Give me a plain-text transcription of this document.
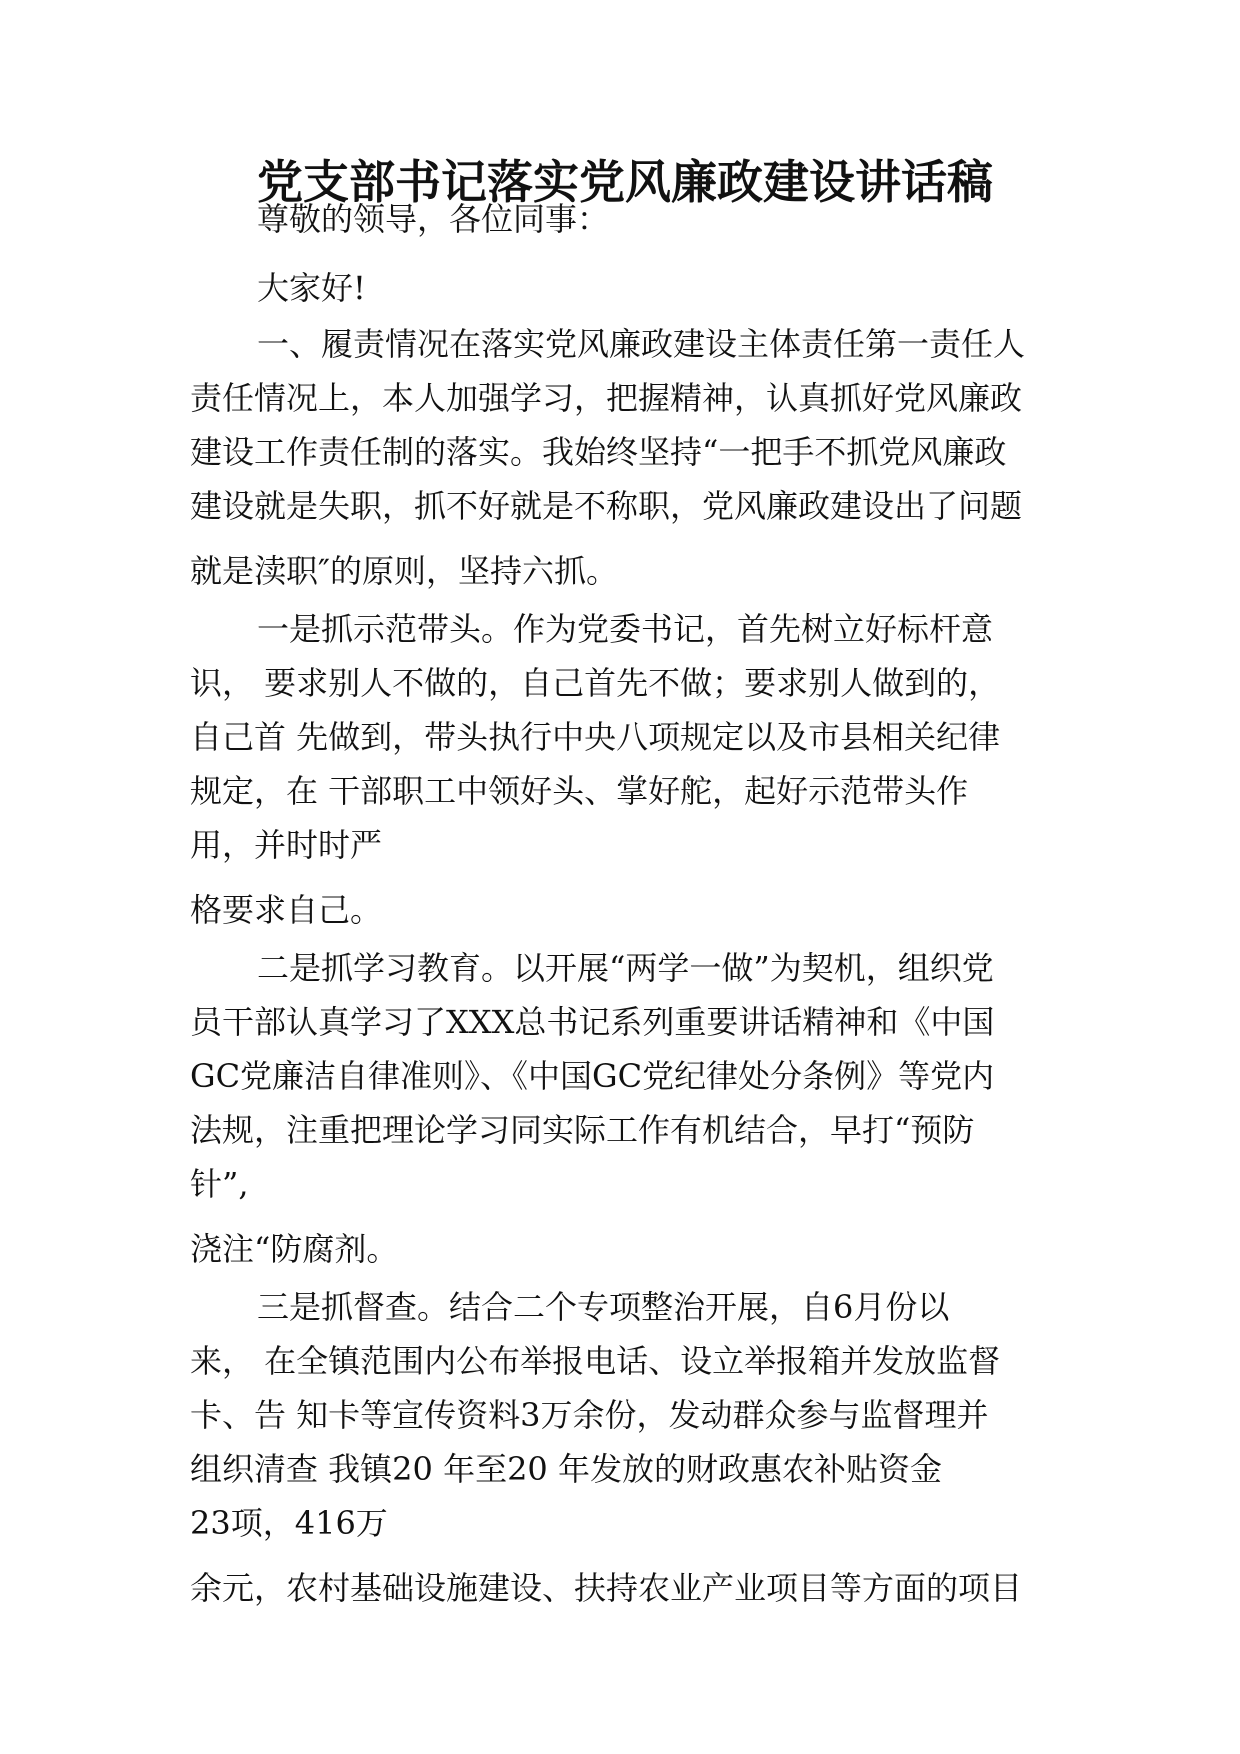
党支部书记落实党风廉政建设讲话稿
尊敬的领导，各位同事：
大家好!
一、履责情况在落实党风廉政建设主体责任第一责任人
责任情况上，本人加强学习，把握精神，认真抓好党风廉政
建设工作责任制的落实。我始终坚持“一把手不抓党风廉政
建设就是失职，抓不好就是不称职，党风廉政建设出了问题
就是渎职″的原则，坚持六抓。
一是抓示范带头。作为党委书记，首先树立好标杆意
识， 要求别人不做的，自己首先不做；要求别人做到的，
自己首 先做到，带头执行中央八项规定以及市县相关纪律
规定，在 干部职工中领好头、掌好舵，起好示范带头作
用，并时时严
格要求自己。
二是抓学习教育。以开展“两学一做”为契机，组织党
员干部认真学习了XXX总书记系列重要讲话精神和《中国
GC党廉洁自律准则》、《中国GC党纪律处分条例》等党内
法规，注重把理论学习同实际工作有机结合，早打“预防
针”,
浇注“防腐剂。
三是抓督查。结合二个专项整治开展，自6月份以
来， 在全镇范围内公布举报电话、设立举报箱并发放监督
卡、告 知卡等宣传资料3万余份，发动群众参与监督理并
组织清查 我镇20 年至20 年发放的财政惠农补贴资金
23项，416万
余元，农村基础设施建设、扶持农业产业项目等方面的项目
